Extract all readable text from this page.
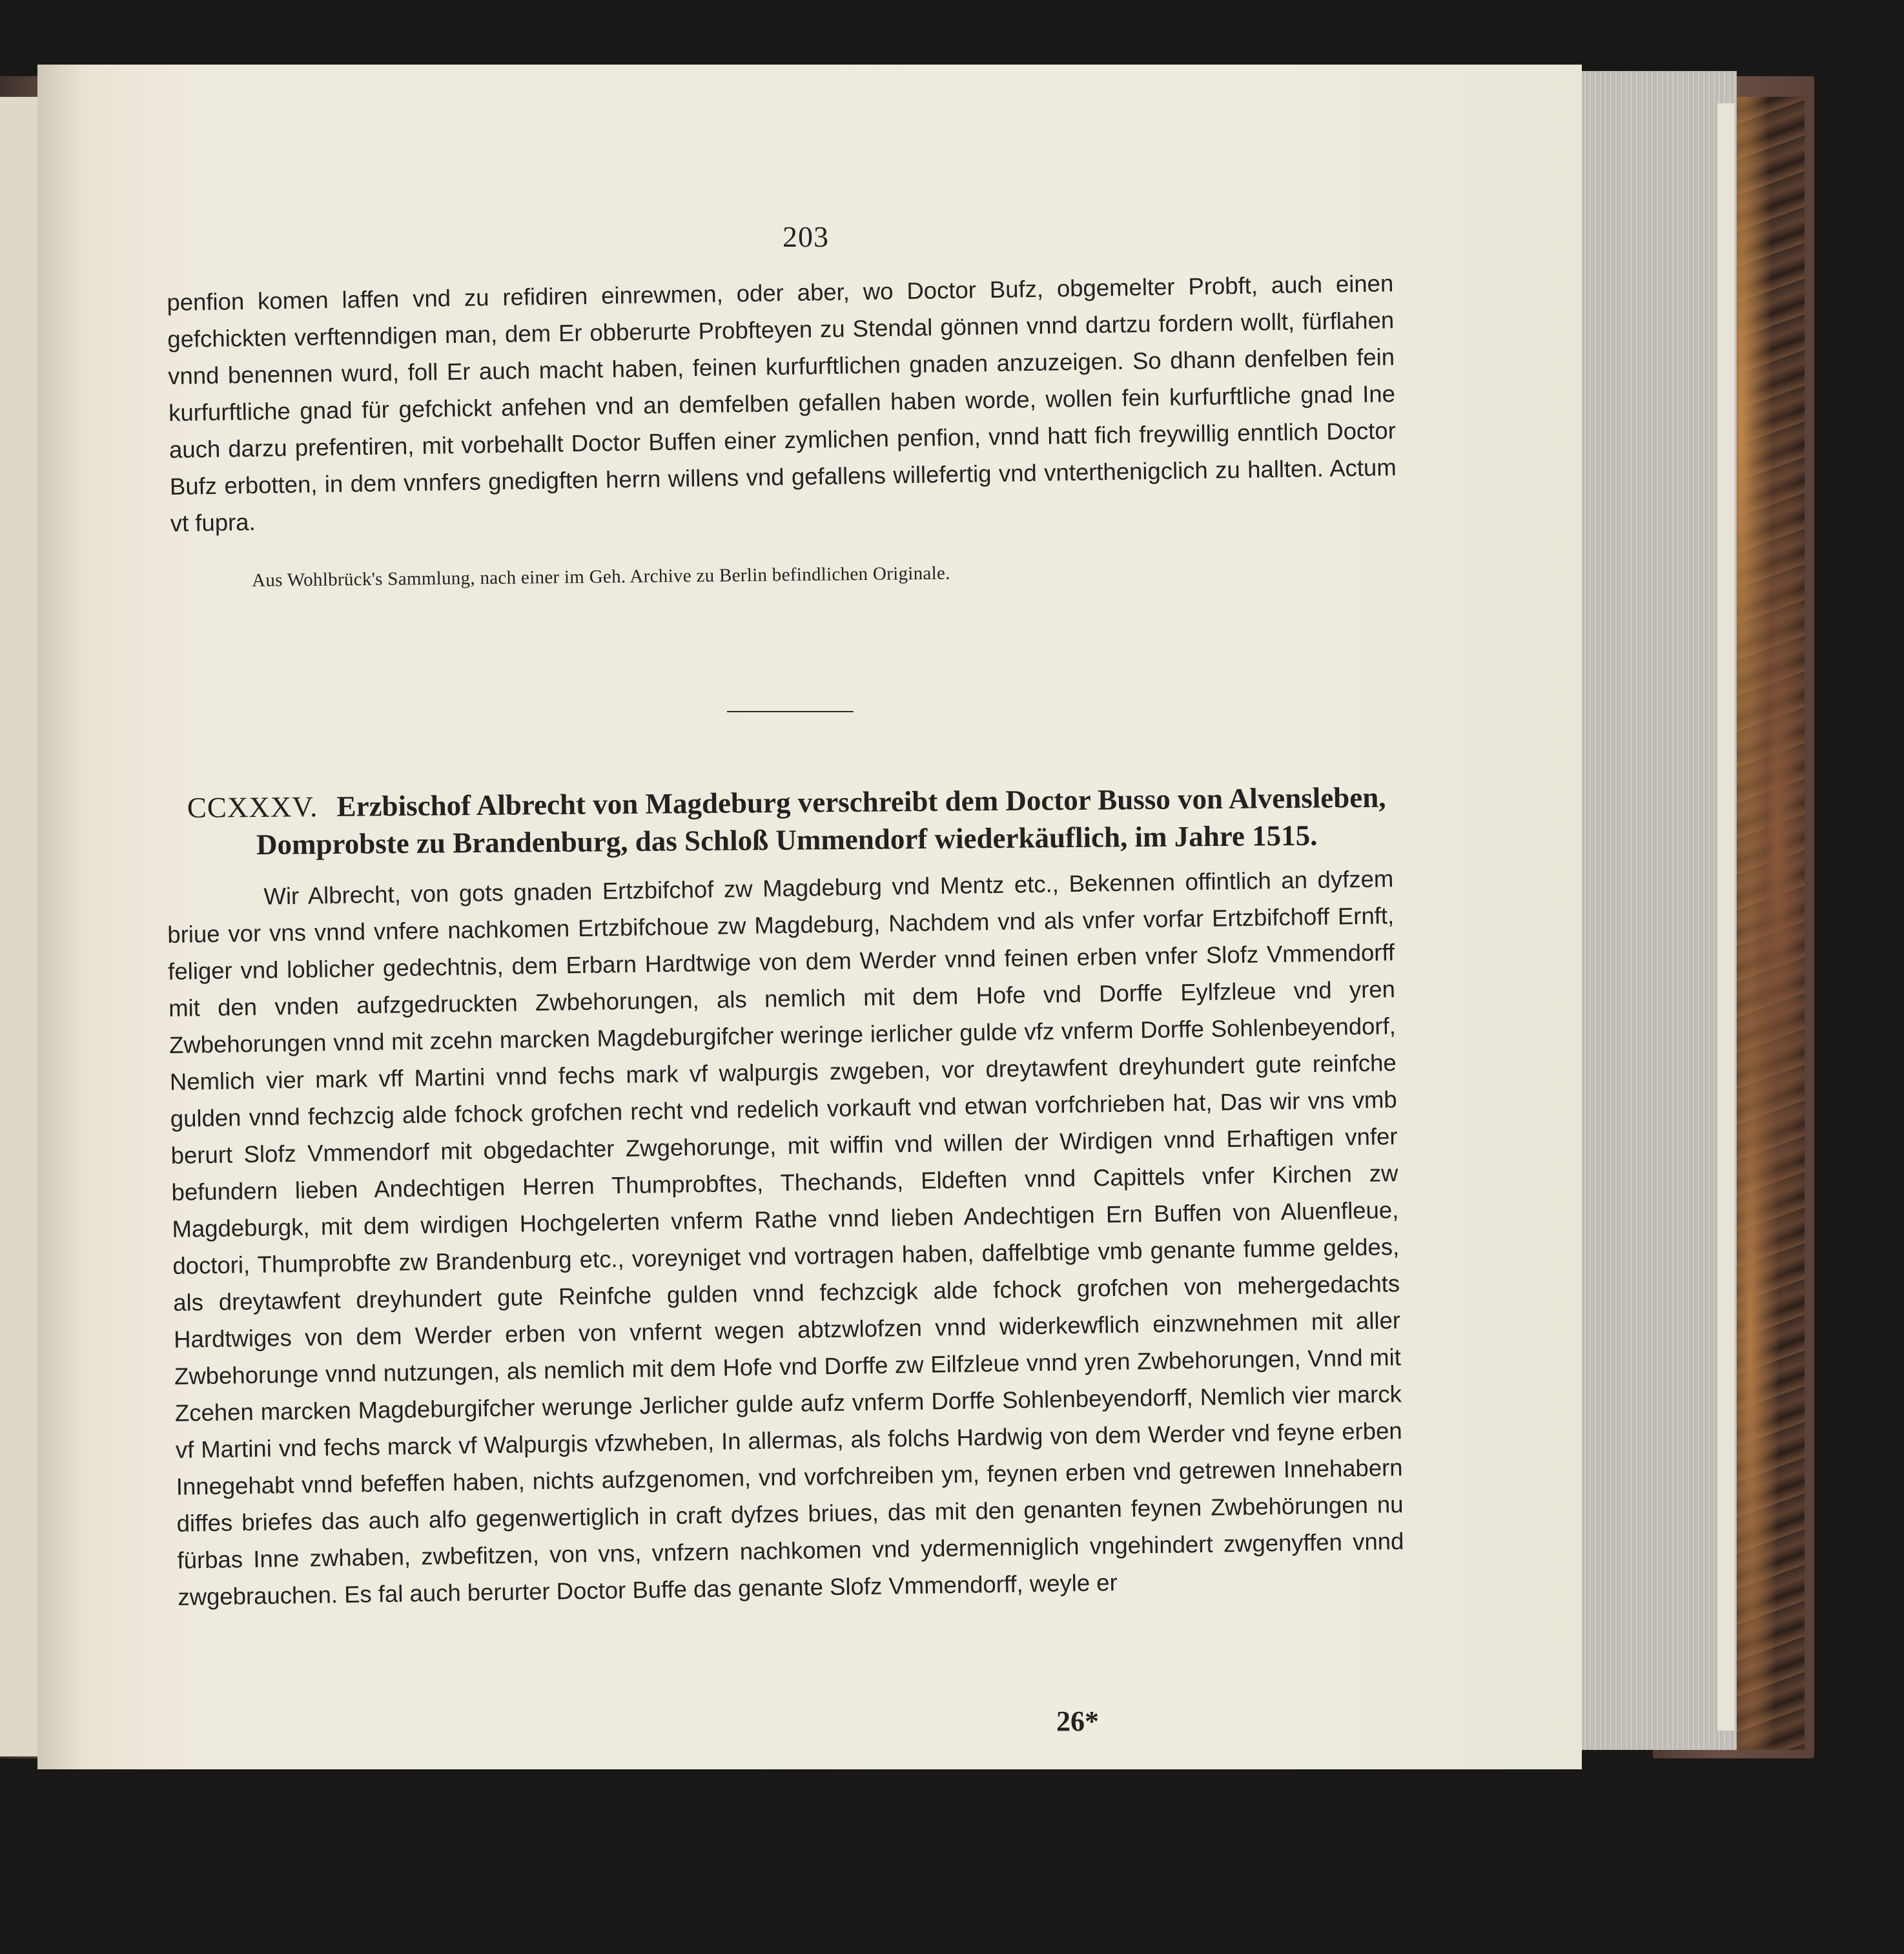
203

penfion komen laffen vnd zu refidiren einrewmen, oder aber, wo Doctor Bufz, obgemelter Probft, auch einen gefchickten verftenndigen man, dem Er obberurte Probfteyen zu Stendal gönnen vnnd dartzu fordern wollt, fürflahen vnnd benennen wurd, foll Er auch macht haben, feinen kurfurftlichen gnaden anzuzeigen. So dhann denfelben fein kurfurftliche gnad für gefchickt anfehen vnd an demfelben gefallen haben worde, wollen fein kurfurftliche gnad Ine auch darzu prefentiren, mit vorbehallt Doctor Buffen einer zymlichen penfion, vnnd hatt fich freywillig enntlich Doctor Bufz erbotten, in dem vnnfers gnedigften herrn willens vnd gefallens willefertig vnd vnterthenigclich zu hallten. Actum vt fupra.

Aus Wohlbrück's Sammlung, nach einer im Geh. Archive zu Berlin befindlichen Originale.
CCXXXV. Erzbischof Albrecht von Magdeburg verschreibt dem Doctor Busso von Alvensleben, Domprobste zu Brandenburg, das Schloß Ummendorf wiederkäuflich, im Jahre 1515.

Wir Albrecht, von gots gnaden Ertzbifchof zw Magdeburg vnd Mentz etc., Bekennen offintlich an dyfzem briue vor vns vnnd vnfere nachkomen Ertzbifchoue zw Magdeburg, Nachdem vnd als vnfer vorfar Ertzbifchoff Ernft, feliger vnd loblicher gedechtnis, dem Erbarn Hardtwige von dem Werder vnnd feinen erben vnfer Slofz Vmmendorff mit den vnden aufzgedruckten Zwbehorungen, als nemlich mit dem Hofe vnd Dorffe Eylfzleue vnd yren Zwbehorungen vnnd mit zcehn marcken Magdeburgifcher weringe ierlicher gulde vfz vnferm Dorffe Sohlenbeyendorf, Nemlich vier mark vff Martini vnnd fechs mark vf walpurgis zwgeben, vor dreytawfent dreyhundert gute reinfche gulden vnnd fechzcig alde fchock grofchen recht vnd redelich vorkauft vnd etwan vorfchrieben hat, Das wir vns vmb berurt Slofz Vmmendorf mit obgedachter Zwgehorunge, mit wiffin vnd willen der Wirdigen vnnd Erhaftigen vnfer befundern lieben Andechtigen Herren Thumprobftes, Thechands, Eldeften vnnd Capittels vnfer Kirchen zw Magdeburgk, mit dem wirdigen Hochgelerten vnferm Rathe vnnd lieben Andechtigen Ern Buffen von Aluenfleue, doctori, Thumprobfte zw Brandenburg etc., voreyniget vnd vortragen haben, daffelbtige vmb genante fumme geldes, als dreytawfent dreyhundert gute Reinfche gulden vnnd fechzcigk alde fchock grofchen von mehergedachts Hardtwiges von dem Werder erben von vnfernt wegen abtzwlofzen vnnd widerkewflich einzwnehmen mit aller Zwbehorunge vnnd nutzungen, als nemlich mit dem Hofe vnd Dorffe zw Eilfzleue vnnd yren Zwbehorungen, Vnnd mit Zcehen marcken Magdeburgifcher werunge Jerlicher gulde aufz vnferm Dorffe Sohlenbeyendorff, Nemlich vier marck vf Martini vnd fechs marck vf Walpurgis vfzwheben, In allermas, als folchs Hardwig von dem Werder vnd feyne erben Innegehabt vnnd befeffen haben, nichts aufzgenomen, vnd vorfchreiben ym, feynen erben vnd getrewen Innehabern diffes briefes das auch alfo gegenwertiglich in craft dyfzes briues, das mit den genanten feynen Zwbehörungen nu fürbas Inne zwhaben, zwbefitzen, von vns, vnfzern nachkomen vnd ydermenniglich vngehindert zwgenyffen vnnd zwgebrauchen. Es fal auch berurter Doctor Buffe das genante Slofz Vmmendorff, weyle er

26*
